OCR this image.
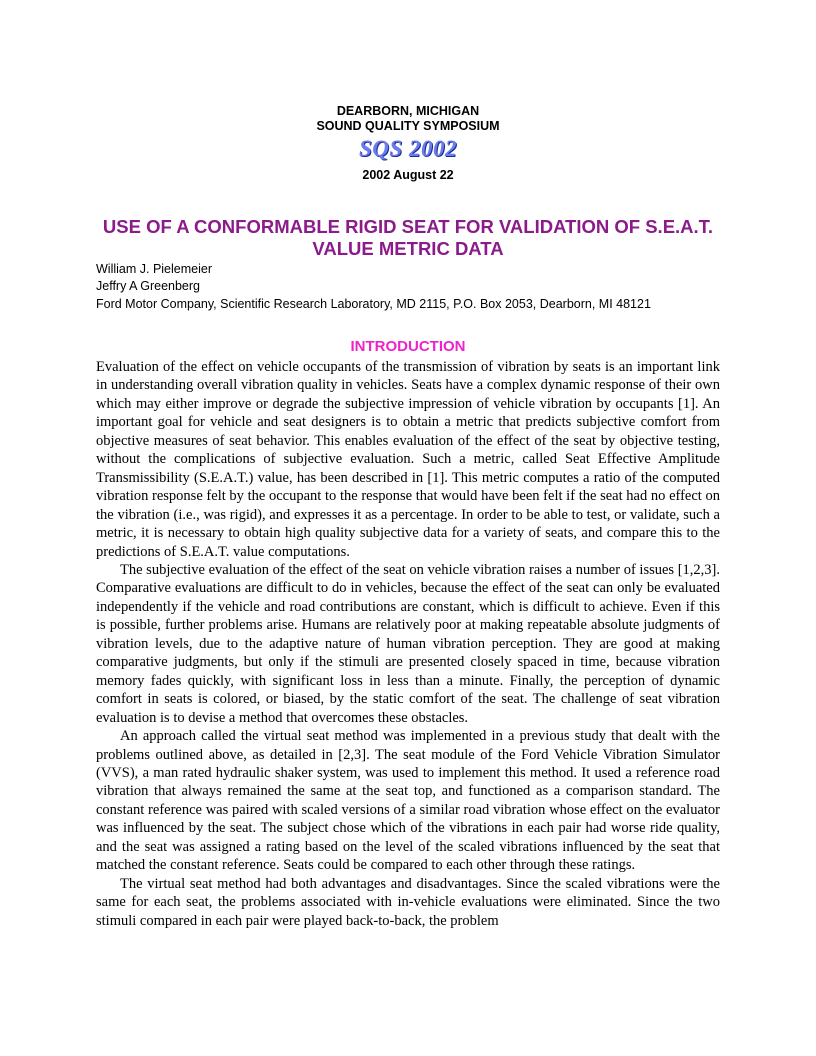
DEARBORN, MICHIGAN
SOUND QUALITY SYMPOSIUM
SQS 2002
2002 August 22
USE OF A CONFORMABLE RIGID SEAT FOR VALIDATION OF S.E.A.T. VALUE METRIC DATA
William J. Pielemeier
Jeffry A Greenberg
Ford Motor Company, Scientific Research Laboratory, MD 2115, P.O. Box 2053, Dearborn, MI 48121
INTRODUCTION

Evaluation of the effect on vehicle occupants of the transmission of vibration by seats is an important link in understanding overall vibration quality in vehicles. Seats have a complex dynamic response of their own which may either improve or degrade the subjective impression of vehicle vibration by occupants [1]. An important goal for vehicle and seat designers is to obtain a metric that predicts subjective comfort from objective measures of seat behavior. This enables evaluation of the effect of the seat by objective testing, without the complications of subjective evaluation. Such a metric, called Seat Effective Amplitude Transmissibility (S.E.A.T.) value, has been described in [1]. This metric computes a ratio of the computed vibration response felt by the occupant to the response that would have been felt if the seat had no effect on the vibration (i.e., was rigid), and expresses it as a percentage. In order to be able to test, or validate, such a metric, it is necessary to obtain high quality subjective data for a variety of seats, and compare this to the predictions of S.E.A.T. value computations.

The subjective evaluation of the effect of the seat on vehicle vibration raises a number of issues [1,2,3]. Comparative evaluations are difficult to do in vehicles, because the effect of the seat can only be evaluated independently if the vehicle and road contributions are constant, which is difficult to achieve. Even if this is possible, further problems arise. Humans are relatively poor at making repeatable absolute judgments of vibration levels, due to the adaptive nature of human vibration perception. They are good at making comparative judgments, but only if the stimuli are presented closely spaced in time, because vibration memory fades quickly, with significant loss in less than a minute. Finally, the perception of dynamic comfort in seats is colored, or biased, by the static comfort of the seat. The challenge of seat vibration evaluation is to devise a method that overcomes these obstacles.

An approach called the virtual seat method was implemented in a previous study that dealt with the problems outlined above, as detailed in [2,3]. The seat module of the Ford Vehicle Vibration Simulator (VVS), a man rated hydraulic shaker system, was used to implement this method. It used a reference road vibration that always remained the same at the seat top, and functioned as a comparison standard. The constant reference was paired with scaled versions of a similar road vibration whose effect on the evaluator was influenced by the seat. The subject chose which of the vibrations in each pair had worse ride quality, and the seat was assigned a rating based on the level of the scaled vibrations influenced by the seat that matched the constant reference. Seats could be compared to each other through these ratings.

The virtual seat method had both advantages and disadvantages. Since the scaled vibrations were the same for each seat, the problems associated with in-vehicle evaluations were eliminated. Since the two stimuli compared in each pair were played back-to-back, the problem
